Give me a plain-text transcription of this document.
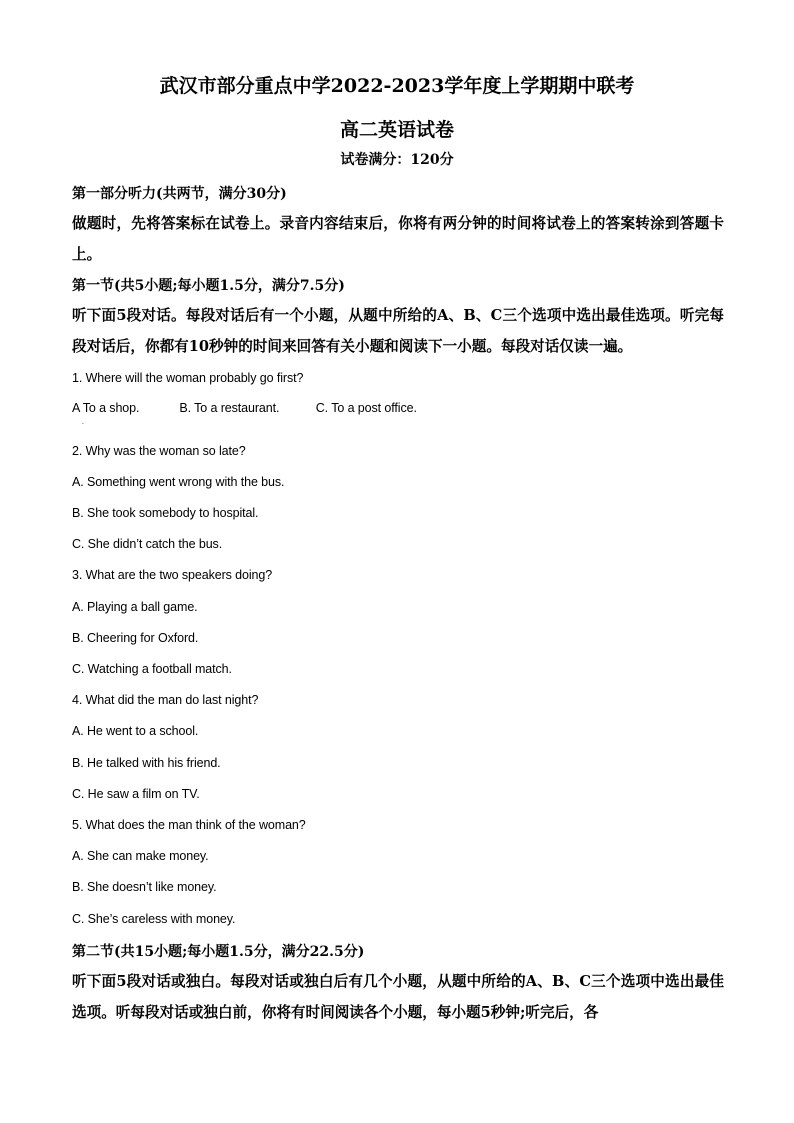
武汉市部分重点中学2022-2023学年度上学期期中联考
高二英语试卷
试卷满分：120分
第一部分听力(共两节，满分30分)
做题时，先将答案标在试卷上。录音内容结束后，你将有两分钟的时间将试卷上的答案转涂到答题卡上。
第一节(共5小题;每小题1.5分，满分7.5分)
听下面5段对话。每段对话后有一个小题，从题中所给的A、B、C三个选项中选出最佳选项。听完每段对话后，你都有10秒钟的时间来回答有关小题和阅读下一小题。每段对话仅读一遍。
1. Where will the woman probably go first?
A To a shop.	B. To a restaurant.	C. To a post office.
·
2. Why was the woman so late?
A. Something went wrong with the bus.
B. She took somebody to hospital.
C. She didn’t catch the bus.
3. What are the two speakers doing?
A. Playing a ball game.
B. Cheering for Oxford.
C. Watching a football match.
4. What did the man do last night?
A. He went to a school.
B. He talked with his friend.
C. He saw a film on TV.
5. What does the man think of the woman?
A. She can make money.
B. She doesn’t like money.
C. She’s careless with money.
第二节(共15小题;每小题1.5分，满分22.5分)
听下面5段对话或独白。每段对话或独白后有几个小题，从题中所给的A、B、C三个选项中选出最佳选项。听每段对话或独白前，你将有时间阅读各个小题，每小题5秒钟;听完后，各
